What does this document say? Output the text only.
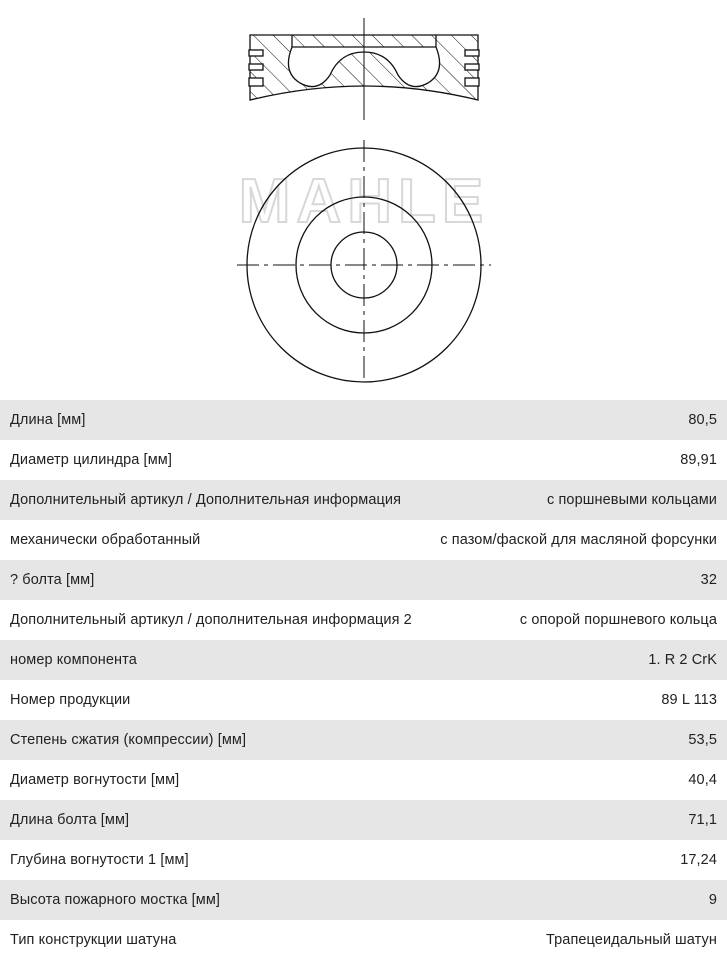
MAHLE
Длина [мм]	80,5
Диаметр цилиндра [мм]	89,91
Дополнительный артикул / Дополнительная информация	с поршневыми кольцами
механически обработанный	с пазом/фаской для масляной форсунки
? болта [мм]	32
Дополнительный артикул / дополнительная информация 2	с опорой поршневого кольца
номер компонента	1. R 2 CrK
Номер продукции	89 L 113
Степень сжатия (компрессии) [мм]	53,5
Диаметр вогнутости [мм]	40,4
Длина болта [мм]	71,1
Глубина вогнутости 1 [мм]	17,24
Высота пожарного мостка [мм]	9
Тип конструкции шатуна	Трапецеидальный шатун
